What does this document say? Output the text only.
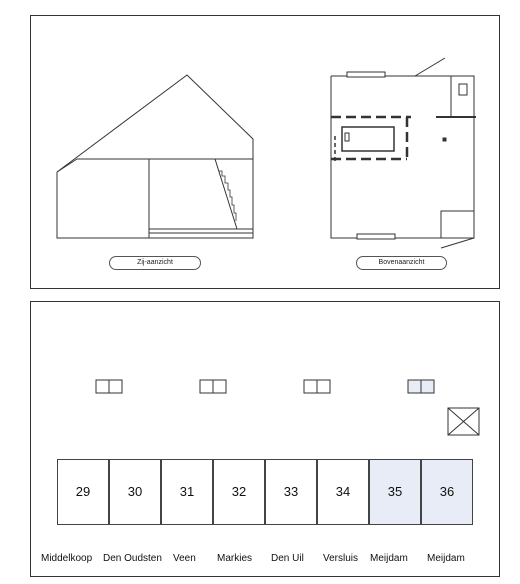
Zij-aanzicht	Bovenaanzicht
29	30	31	32	33	34	35	36
Middelkoop Den Oudsten Veen Markies Den Uil Versluis Meijdam Meijdam
